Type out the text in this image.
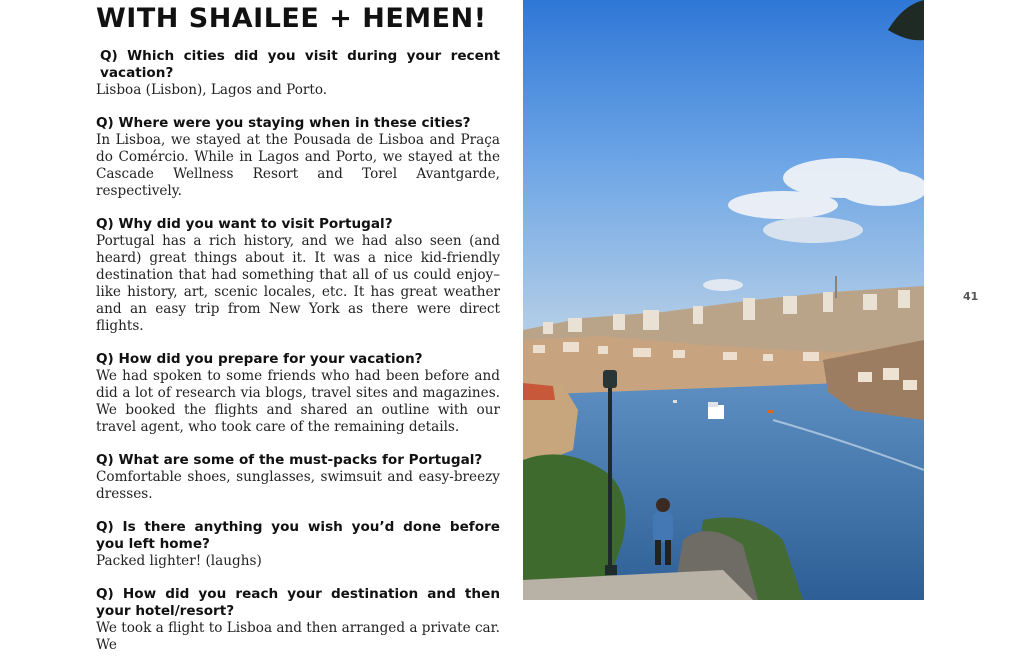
WITH SHAILEE + HEMEN!
Q) Which cities did you visit during your recent vacation?
Lisboa (Lisbon), Lagos and Porto.
Q) Where were you staying when in these cities?
In Lisboa, we stayed at the Pousada de Lisboa and Praça do Comércio. While in Lagos and Porto, we stayed at the Cascade Wellness Resort and Torel Avantgarde, respectively.
Q) Why did you want to visit Portugal?
Portugal has a rich history, and we had also seen (and heard) great things about it. It was a nice kid-friendly destination that had something that all of us could enjoy– like history, art, scenic locales, etc. It has great weather and an easy trip from New York as there were direct flights.
Q) How did you prepare for your vacation?
We had spoken to some friends who had been before and did a lot of research via blogs, travel sites and magazines. We booked the flights and shared an outline with our travel agent, who took care of the remaining details.
Q) What are some of the must-packs for Portugal?
Comfortable shoes, sunglasses, swimsuit and easy-breezy dresses.
Q) Is there anything you wish you’d done before you left home?
Packed lighter! (laughs)
Q) How did you reach your destination and then your hotel/resort?
We took a flight to Lisboa and then arranged a private car. We
41
